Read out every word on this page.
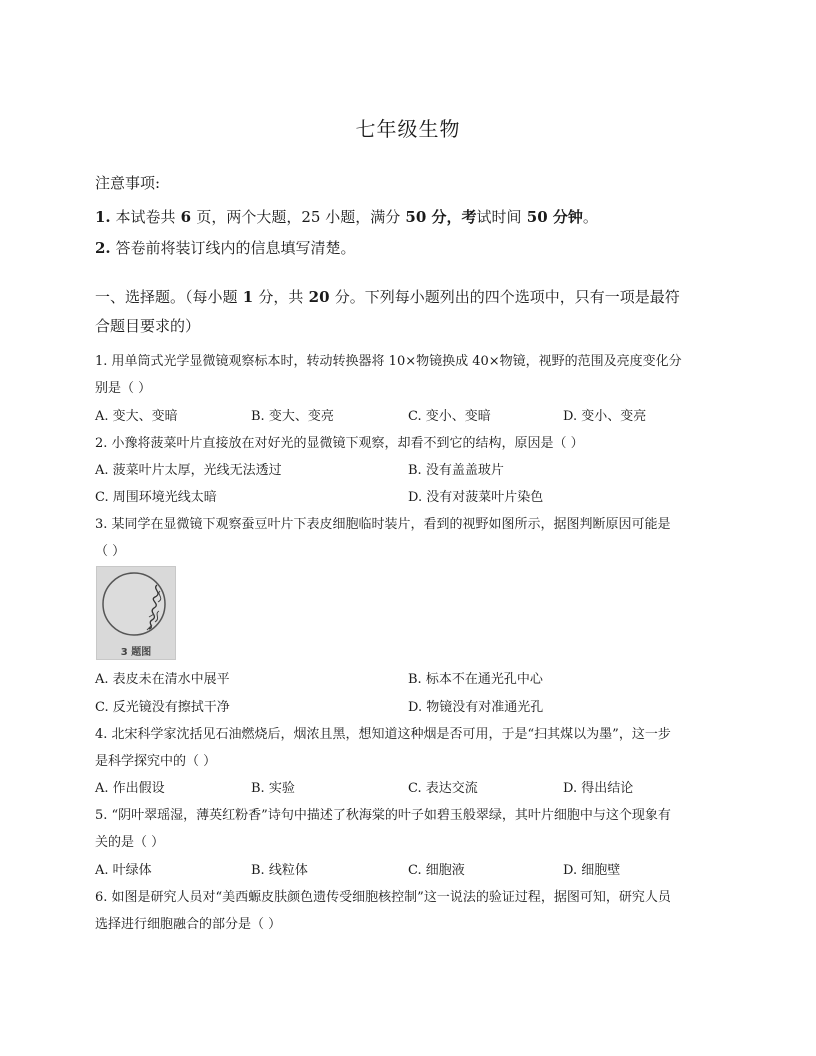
七年级生物
注意事项:
1. 本试卷共 6 页，两个大题，25 小题，满分 50 分，考试时间 50 分钟。
2. 答卷前将装订线内的信息填写清楚。
一、选择题。（每小题 1 分，共 20 分。下列每小题列出的四个选项中，只有一项是最符
合题目要求的）
1. 用单筒式光学显微镜观察标本时，转动转换器将 10×物镜换成 40×物镜，视野的范围及亮度变化分
别是（ ）
A. 变大、变暗	B. 变大、变亮	C. 变小、变暗	D. 变小、变亮
2. 小豫将菠菜叶片直接放在对好光的显微镜下观察，却看不到它的结构，原因是（ ）
A. 菠菜叶片太厚，光线无法透过	B. 没有盖盖玻片
C. 周围环境光线太暗	D. 没有对菠菜叶片染色
3. 某同学在显微镜下观察蚕豆叶片下表皮细胞临时装片，看到的视野如图所示，据图判断原因可能是
（ ）
3 题图
A. 表皮未在清水中展平	B. 标本不在通光孔中心
C. 反光镜没有擦拭干净	D. 物镜没有对准通光孔
4. 北宋科学家沈括见石油燃烧后，烟浓且黑，想知道这种烟是否可用，于是“扫其煤以为墨”，这一步
是科学探究中的（ ）
A. 作出假设	B. 实验	C. 表达交流	D. 得出结论
5. “阴叶翠瑶湿，薄英红粉香”诗句中描述了秋海棠的叶子如碧玉般翠绿，其叶片细胞中与这个现象有
关的是（ ）
A. 叶绿体	B. 线粒体	C. 细胞液	D. 细胞壁
6. 如图是研究人员对“美西螈皮肤颜色遗传受细胞核控制”这一说法的验证过程，据图可知，研究人员
选择进行细胞融合的部分是（ ）
